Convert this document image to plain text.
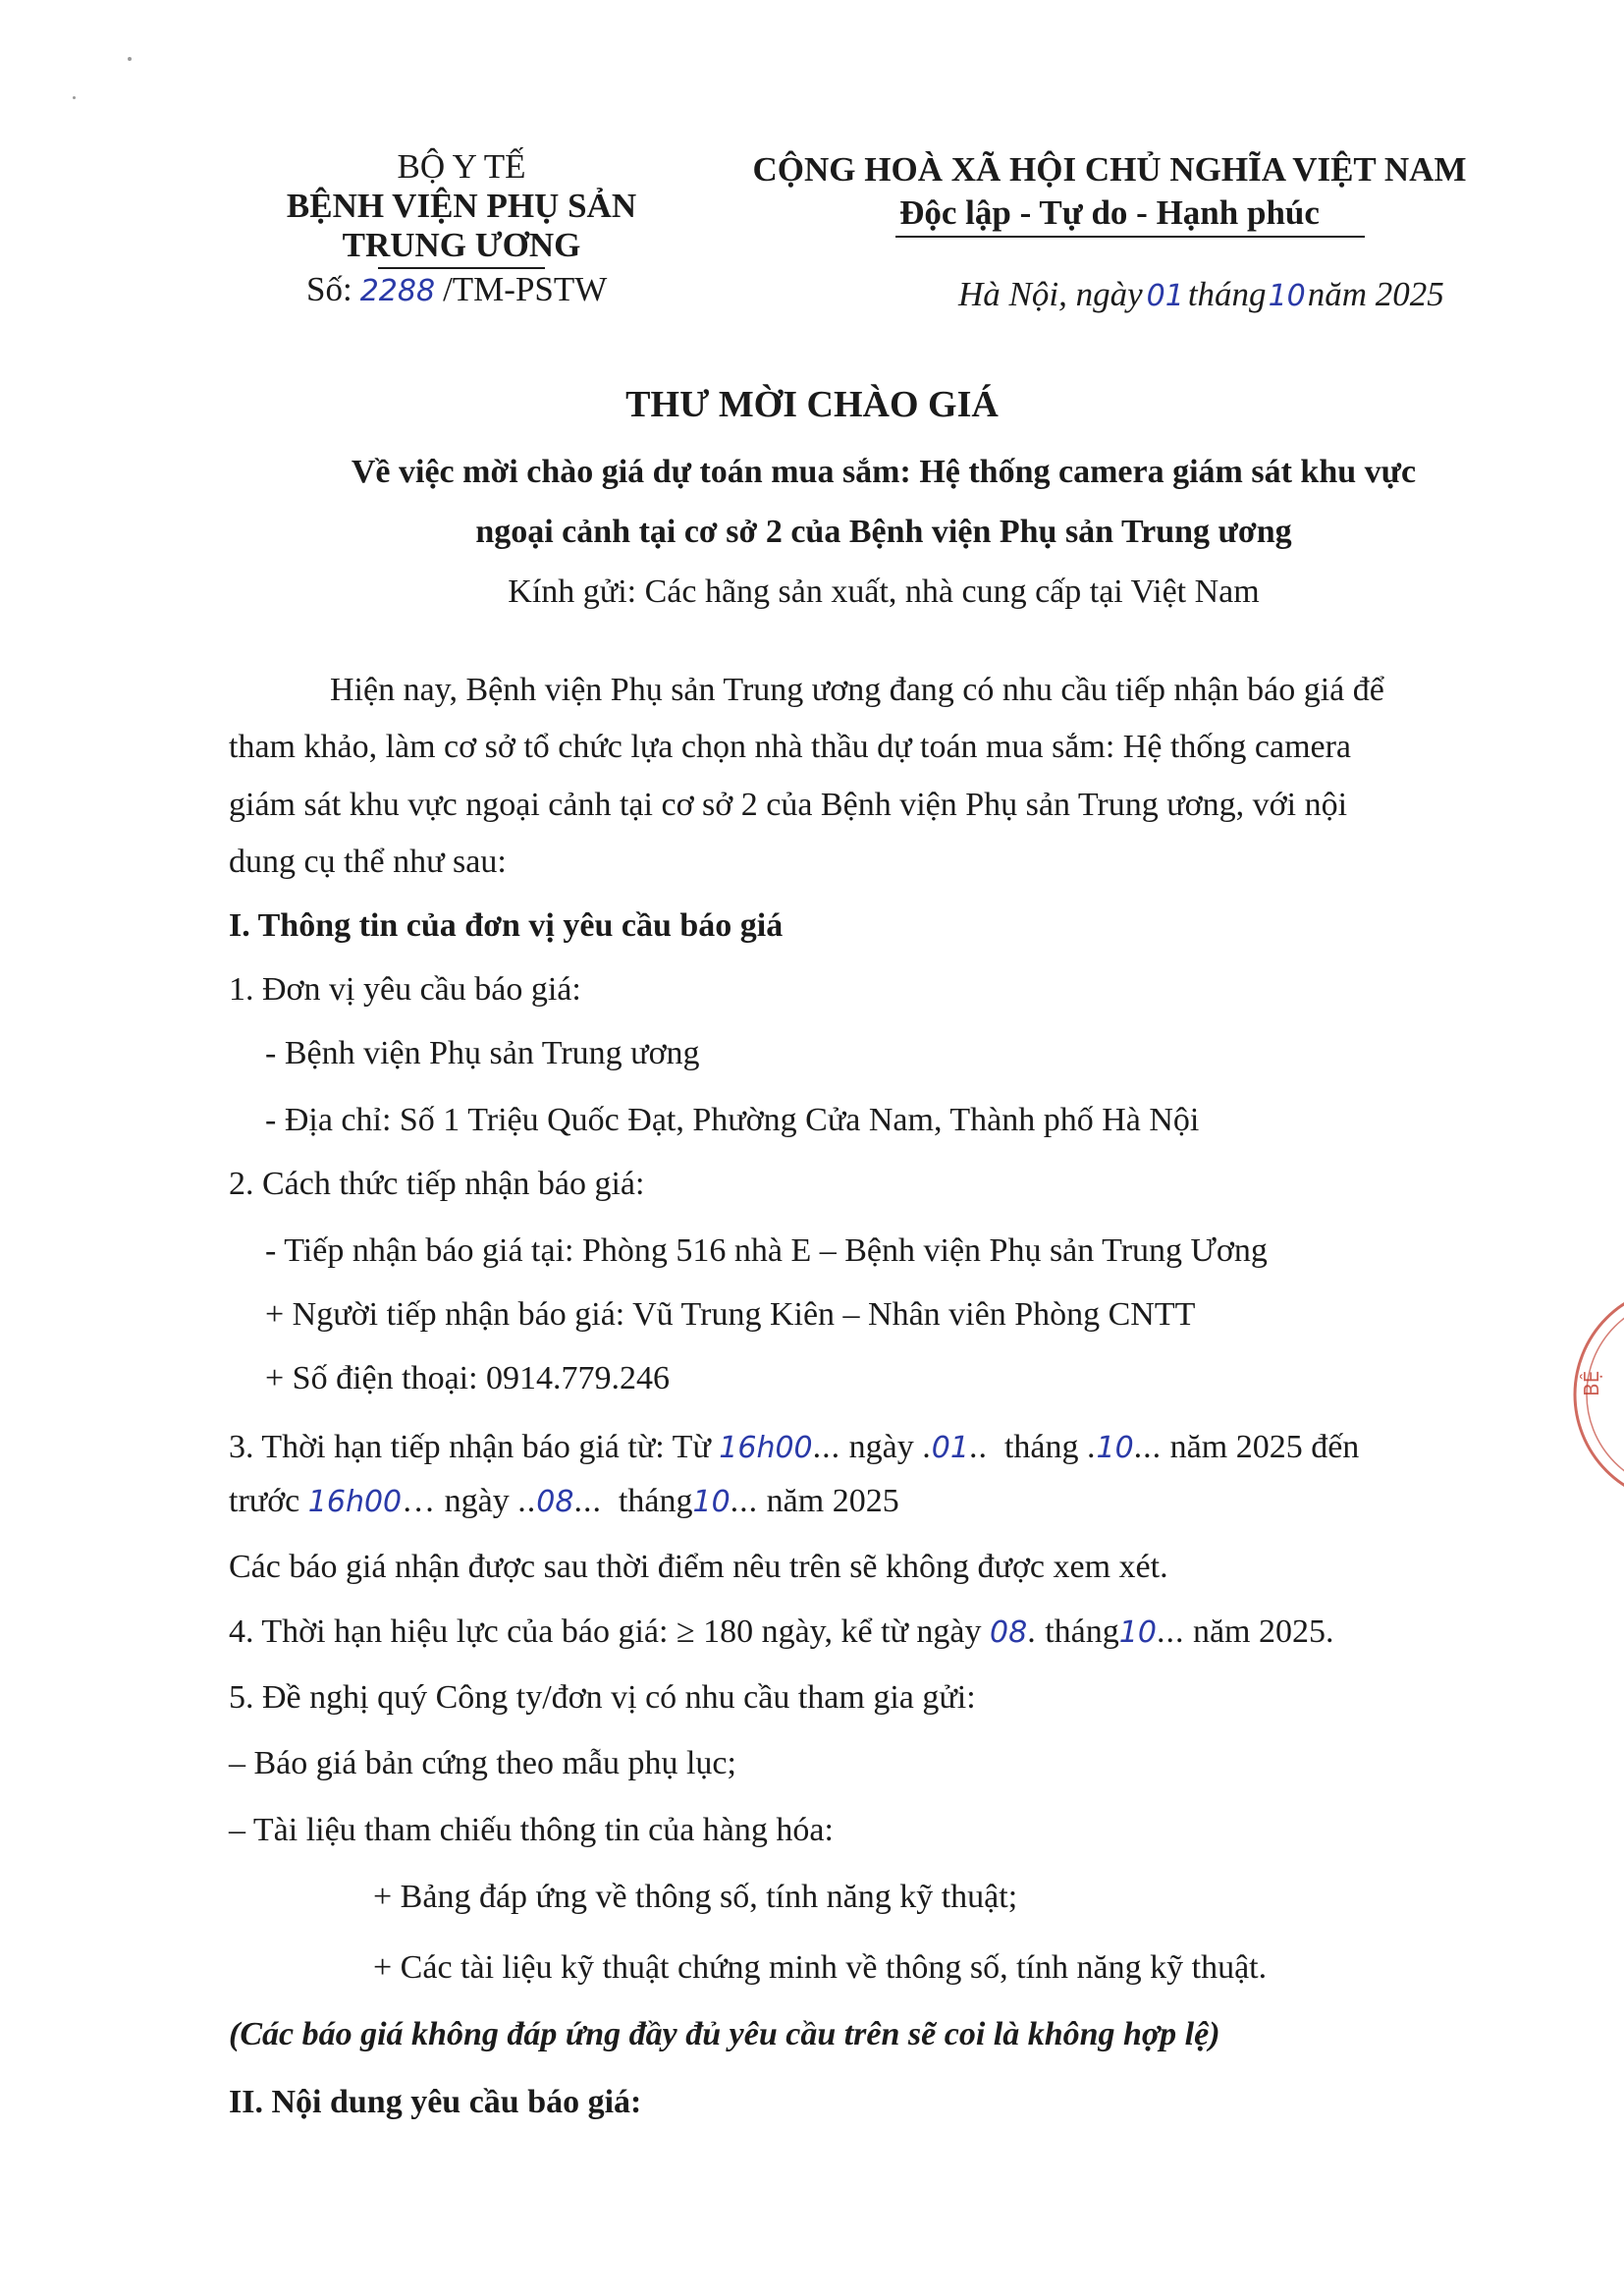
BỘ Y TẾ
BỆNH VIỆN PHỤ SẢN
TRUNG ƯƠNG
Số: 2288 /TM-PSTW
CỘNG HOÀ XÃ HỘI CHỦ NGHĨA VIỆT NAM
Độc lập - Tự do - Hạnh phúc
Hà Nội, ngày 01 tháng10năm 2025
THƯ MỜI CHÀO GIÁ
Về việc mời chào giá dự toán mua sắm: Hệ thống camera giám sát khu vực
ngoại cảnh tại cơ sở 2 của Bệnh viện Phụ sản Trung ương
Kính gửi: Các hãng sản xuất, nhà cung cấp tại Việt Nam
Hiện nay, Bệnh viện Phụ sản Trung ương đang có nhu cầu tiếp nhận báo giá để
tham khảo, làm cơ sở tổ chức lựa chọn nhà thầu dự toán mua sắm: Hệ thống camera
giám sát khu vực ngoại cảnh tại cơ sở 2 của Bệnh viện Phụ sản Trung ương, với nội
dung cụ thể như sau:
I. Thông tin của đơn vị yêu cầu báo giá
1. Đơn vị yêu cầu báo giá:
- Bệnh viện Phụ sản Trung ương
- Địa chỉ: Số 1 Triệu Quốc Đạt, Phường Cửa Nam, Thành phố Hà Nội
2. Cách thức tiếp nhận báo giá:
- Tiếp nhận báo giá tại: Phòng 516 nhà E – Bệnh viện Phụ sản Trung Ương
+ Người tiếp nhận báo giá: Vũ Trung Kiên – Nhân viên Phòng CNTT
+ Số điện thoại: 0914.779.246
3. Thời hạn tiếp nhận báo giá từ: Từ 16h00... ngày .01.. tháng .10... năm 2025 đến
trước 16h00… ngày ..08... tháng10... năm 2025
Các báo giá nhận được sau thời điểm nêu trên sẽ không được xem xét.
4. Thời hạn hiệu lực của báo giá: ≥ 180 ngày, kể từ ngày 08. tháng10... năm 2025.
5. Đề nghị quý Công ty/đơn vị có nhu cầu tham gia gửi:
– Báo giá bản cứng theo mẫu phụ lục;
– Tài liệu tham chiếu thông tin của hàng hóa:
+ Bảng đáp ứng về thông số, tính năng kỹ thuật;
+ Các tài liệu kỹ thuật chứng minh về thông số, tính năng kỹ thuật.
(Các báo giá không đáp ứng đầy đủ yêu cầu trên sẽ coi là không hợp lệ)
II. Nội dung yêu cầu báo giá:
BỆ
